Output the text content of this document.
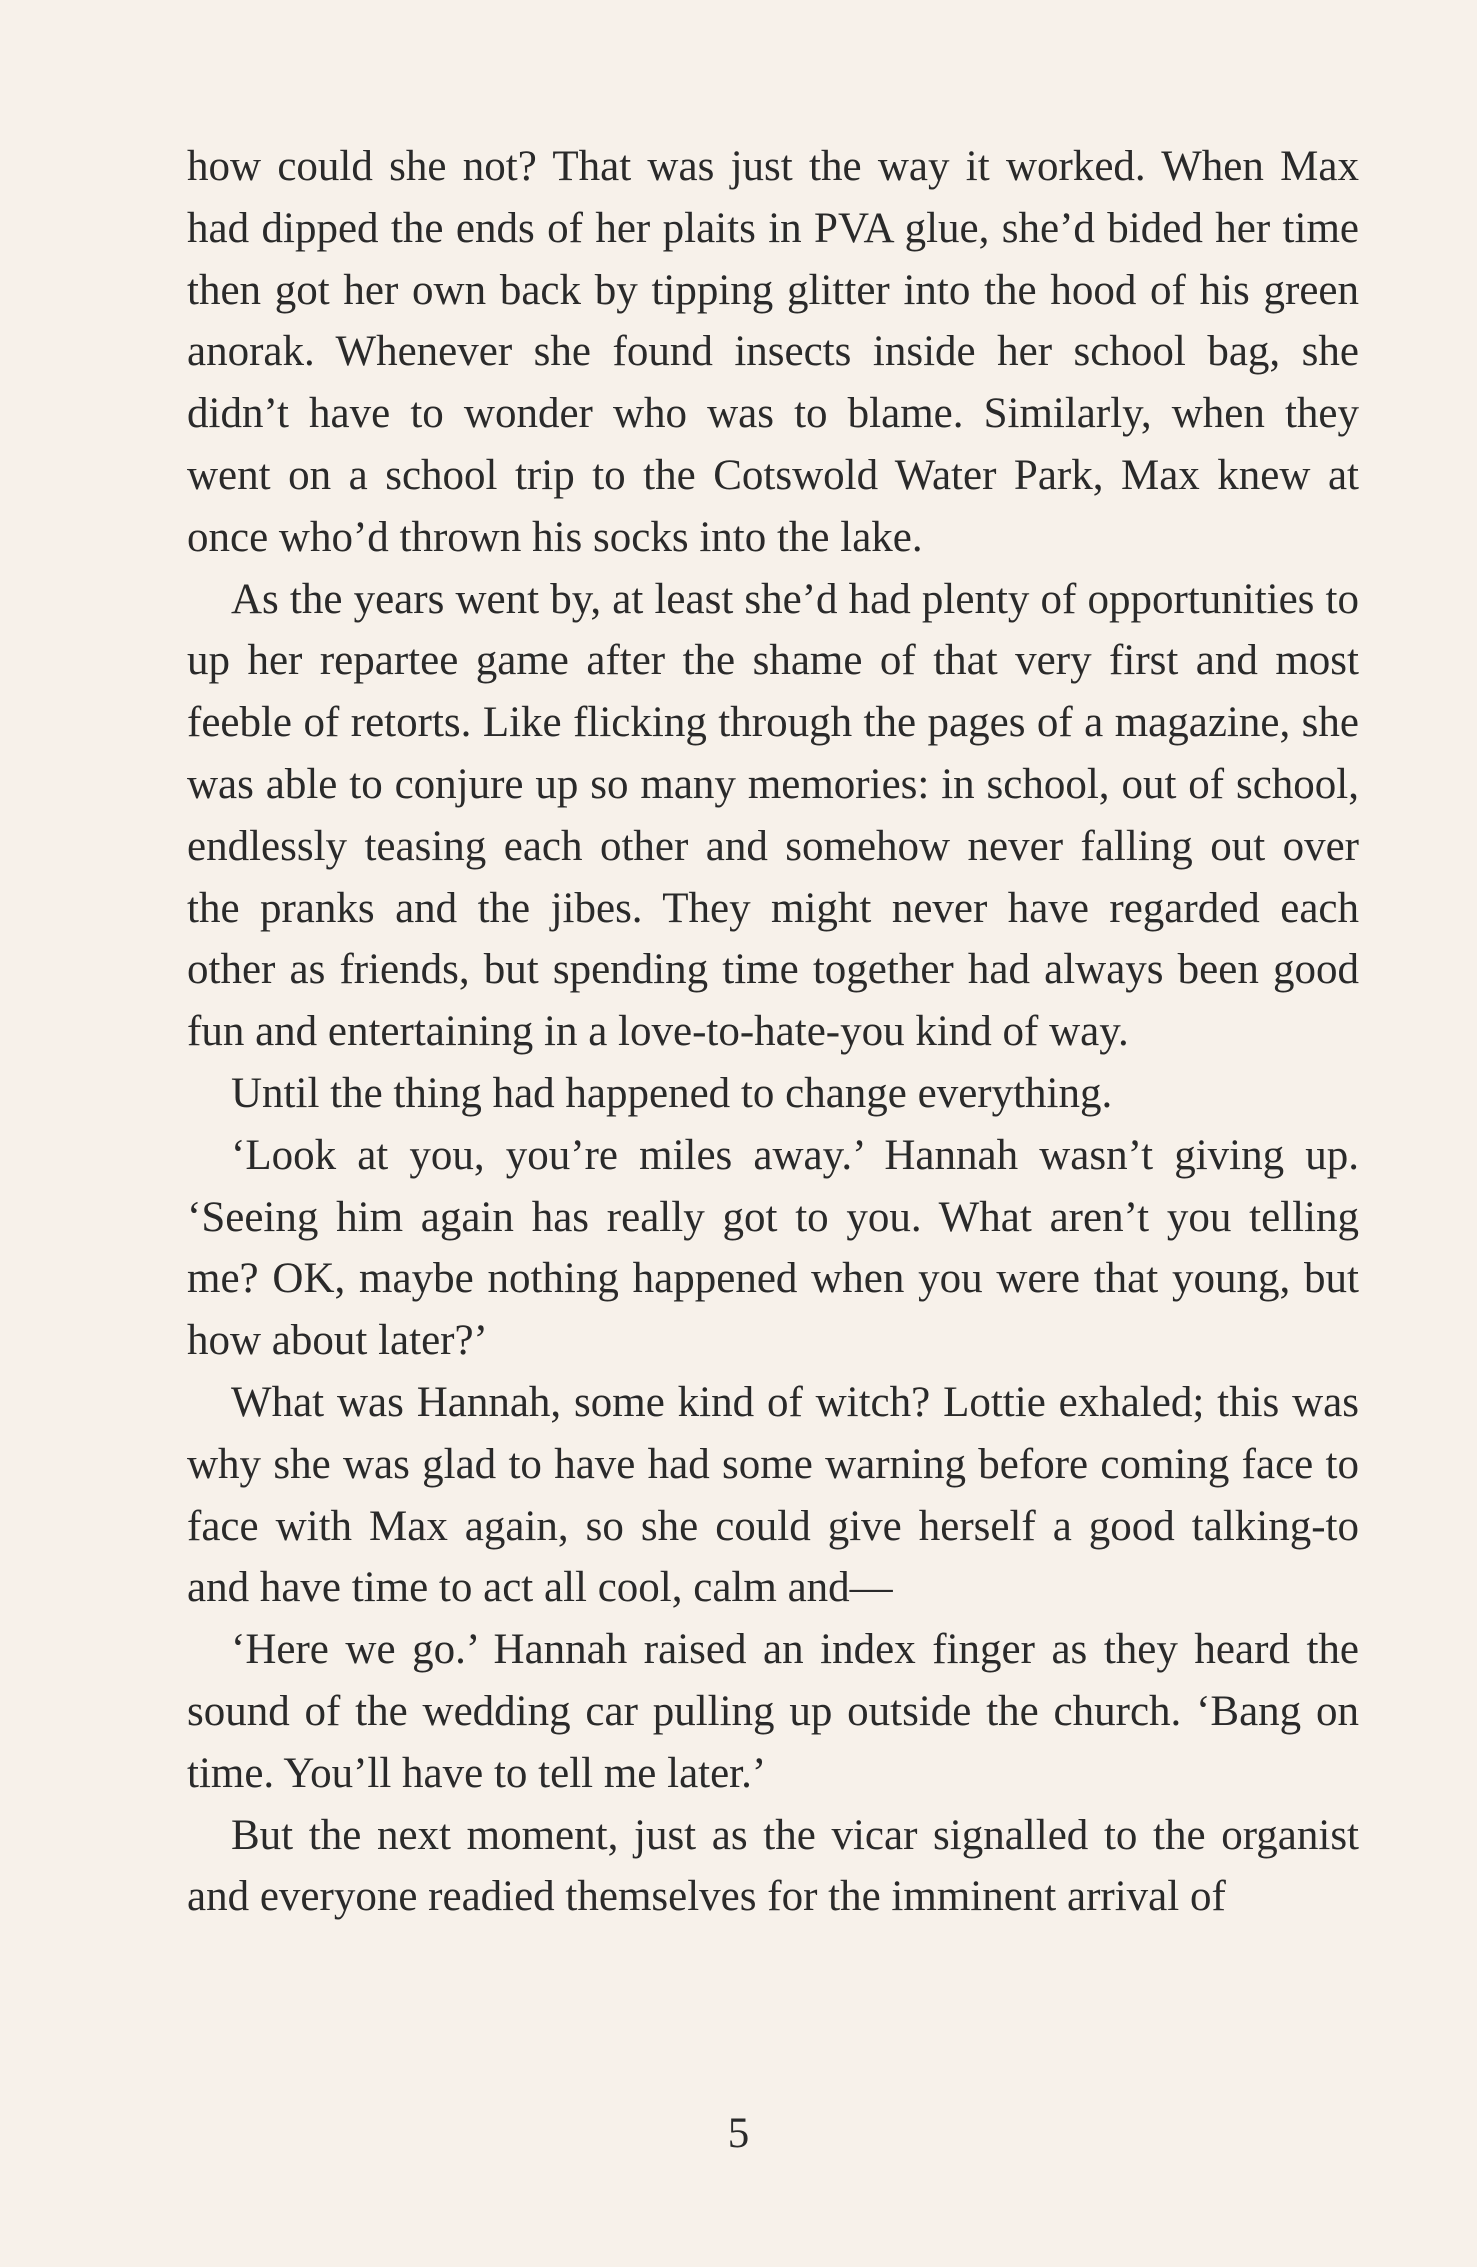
how could she not? That was just the way it worked. When Max had dipped the ends of her plaits in PVA glue, she’d bided her time then got her own back by tipping glitter into the hood of his green anorak. Whenever she found insects inside her school bag, she didn’t have to wonder who was to blame. Similarly, when they went on a school trip to the Cotswold Water Park, Max knew at once who’d thrown his socks into the lake.

As the years went by, at least she’d had plenty of opportunities to up her repartee game after the shame of that very first and most feeble of retorts. Like flicking through the pages of a magazine, she was able to conjure up so many memories: in school, out of school, endlessly teasing each other and somehow never falling out over the pranks and the jibes. They might never have regarded each other as friends, but spending time together had always been good fun and entertaining in a love-to-hate-you kind of way.

Until the thing had happened to change everything.

‘Look at you, you’re miles away.’ Hannah wasn’t giving up. ‘Seeing him again has really got to you. What aren’t you telling me? OK, maybe nothing happened when you were that young, but how about later?’

What was Hannah, some kind of witch? Lottie exhaled; this was why she was glad to have had some warning before coming face to face with Max again, so she could give herself a good talking-to and have time to act all cool, calm and—

‘Here we go.’ Hannah raised an index finger as they heard the sound of the wedding car pulling up outside the church. ‘Bang on time. You’ll have to tell me later.’

But the next moment, just as the vicar signalled to the organist and everyone readied themselves for the imminent arrival of

5
